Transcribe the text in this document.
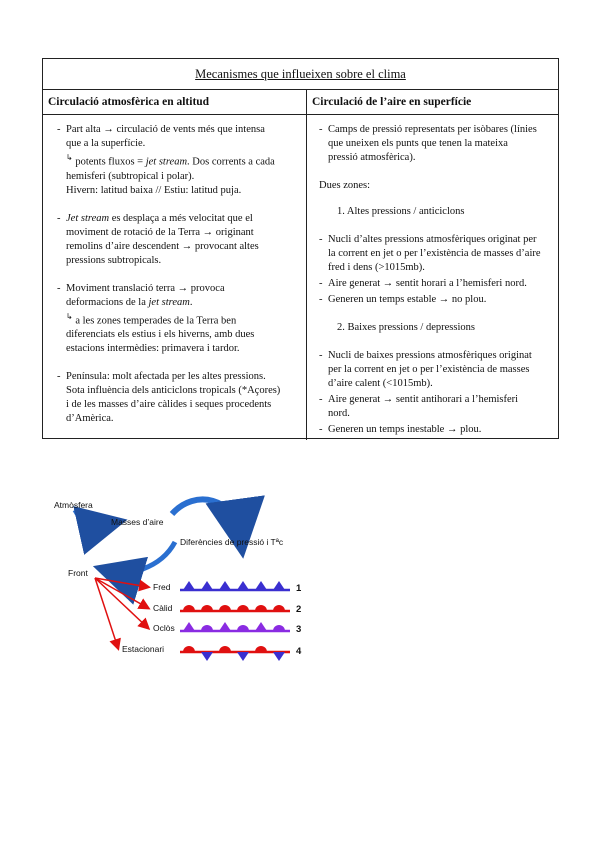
Mecanismes que influeixen sobre el clima
Circulació atmosfèrica en altitud	Circulació de l’aire en superfície
- Part alta → circulació de vents més que intensa
que a la superfície.
↳ potents fluxos = jet stream. Dos corrents a cada
hemisferi (subtropical i polar).
Hivern: latitud baixa // Estiu: latitud puja.
- Jet stream es desplaça a més velocitat que el
moviment de rotació de la Terra → originant
remolins d’aire descendent → provocant altes
pressions subtropicals.
- Moviment translació terra → provoca
deformacions de la jet stream.
↳ a les zones temperades de la Terra ben
diferenciats els estius i els hiverns, amb dues
estacions intermèdies: primavera i tardor.
- Península: molt afectada per les altes pressions.
Sota influència dels anticiclons tropicals (*Açores)
i de les masses d’aire càlides i seques procedents
d’Amèrica.
- Camps de pressió representats per isòbares (línies
que uneixen els punts que tenen la mateixa
pressió atmosfèrica).
Dues zones:
1. Altes pressions / anticiclons
- Nucli d’altes pressions atmosfèriques originat per
la corrent en jet o per l’existència de masses d’aire
fred i dens (>1015mb).
- Aire generat → sentit horari a l’hemisferi nord.
- Generen un temps estable → no plou.
2. Baixes pressions / depressions
- Nucli de baixes pressions atmosfèriques originat
per la corrent en jet o per l’existència de masses
d’aire calent (<1015mb).
- Aire generat → sentit antihorari a l’hemisferi
nord.
- Generen un temps inestable → plou.
Atmòsfera
Masses d’aire
Diferències de pressió i Tªc
Front
Fred
Càlid
Oclòs
Estacionari
1
2
3
4
